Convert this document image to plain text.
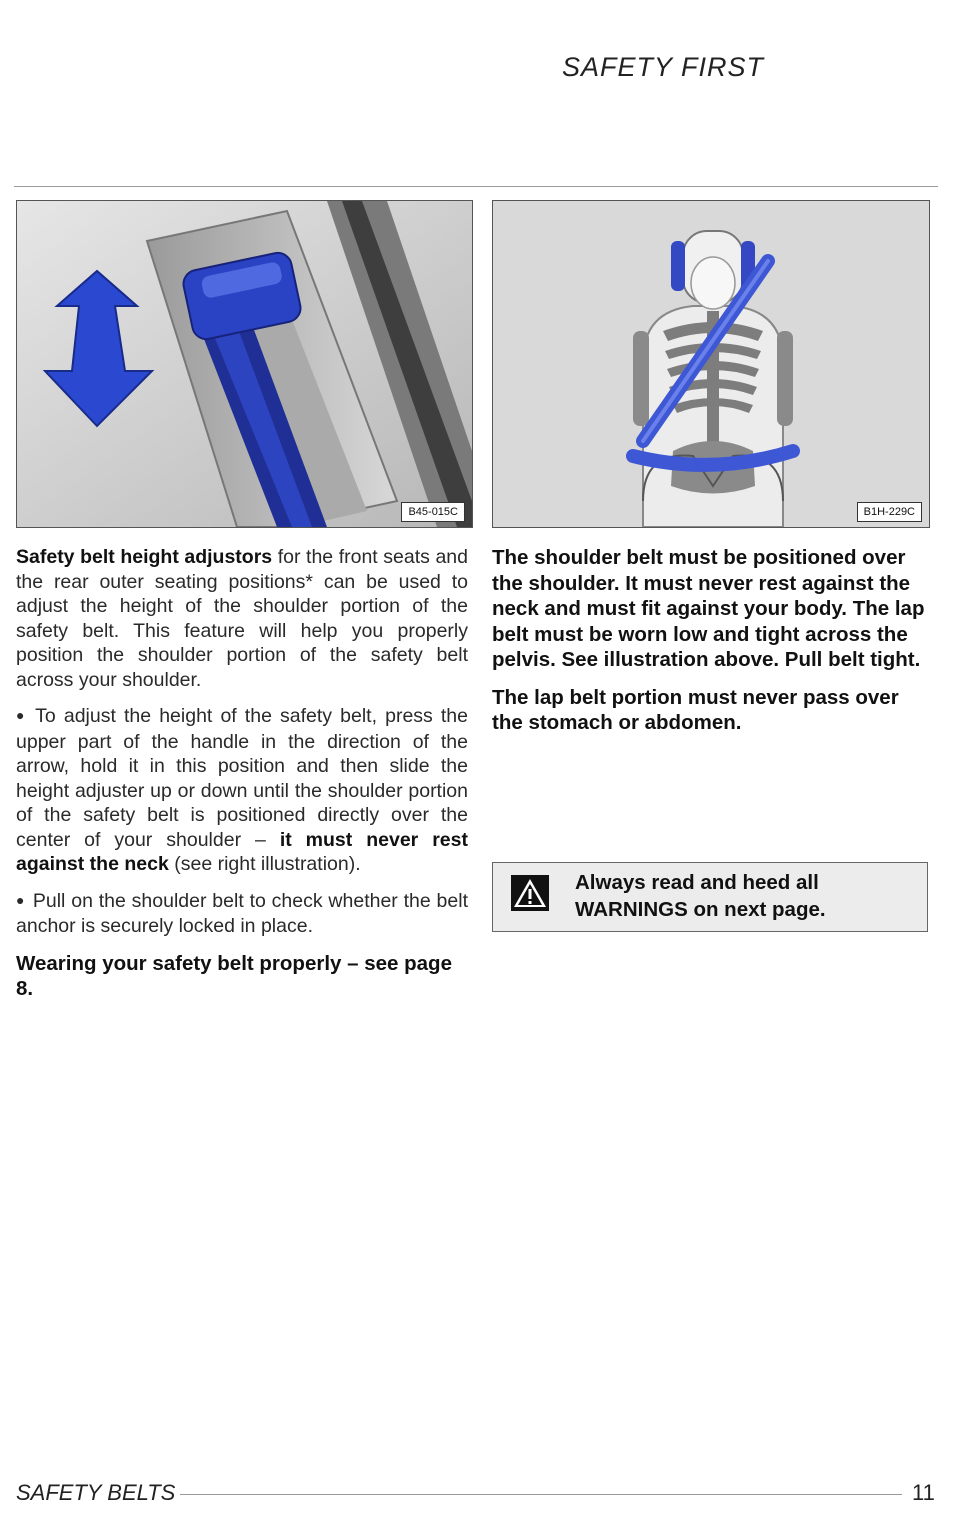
SAFETY FIRST
B45-015C	B1H-229C

Safety belt height adjustors for the front seats and the rear outer seating positions* can be used to adjust the height of the shoulder portion of the safety belt. This feature will help you properly position the shoulder portion of the safety belt across your shoulder.

● To adjust the height of the safety belt, press the upper part of the handle in the direction of the arrow, hold it in this position and then slide the height adjuster up or down until the shoulder portion of the safety belt is positioned directly over the center of your shoulder – it must never rest against the neck (see right illustration).

● Pull on the shoulder belt to check whether the belt anchor is securely locked in place.

Wearing your safety belt properly – see page 8.

The shoulder belt must be positioned over the shoulder. It must never rest against the neck and must fit against your body. The lap belt must be worn low and tight across the pelvis. See illustration above. Pull belt tight.

The lap belt portion must never pass over the stomach or abdomen.

Always read and heed all WARNINGS on next page.
SAFETY BELTS	11
